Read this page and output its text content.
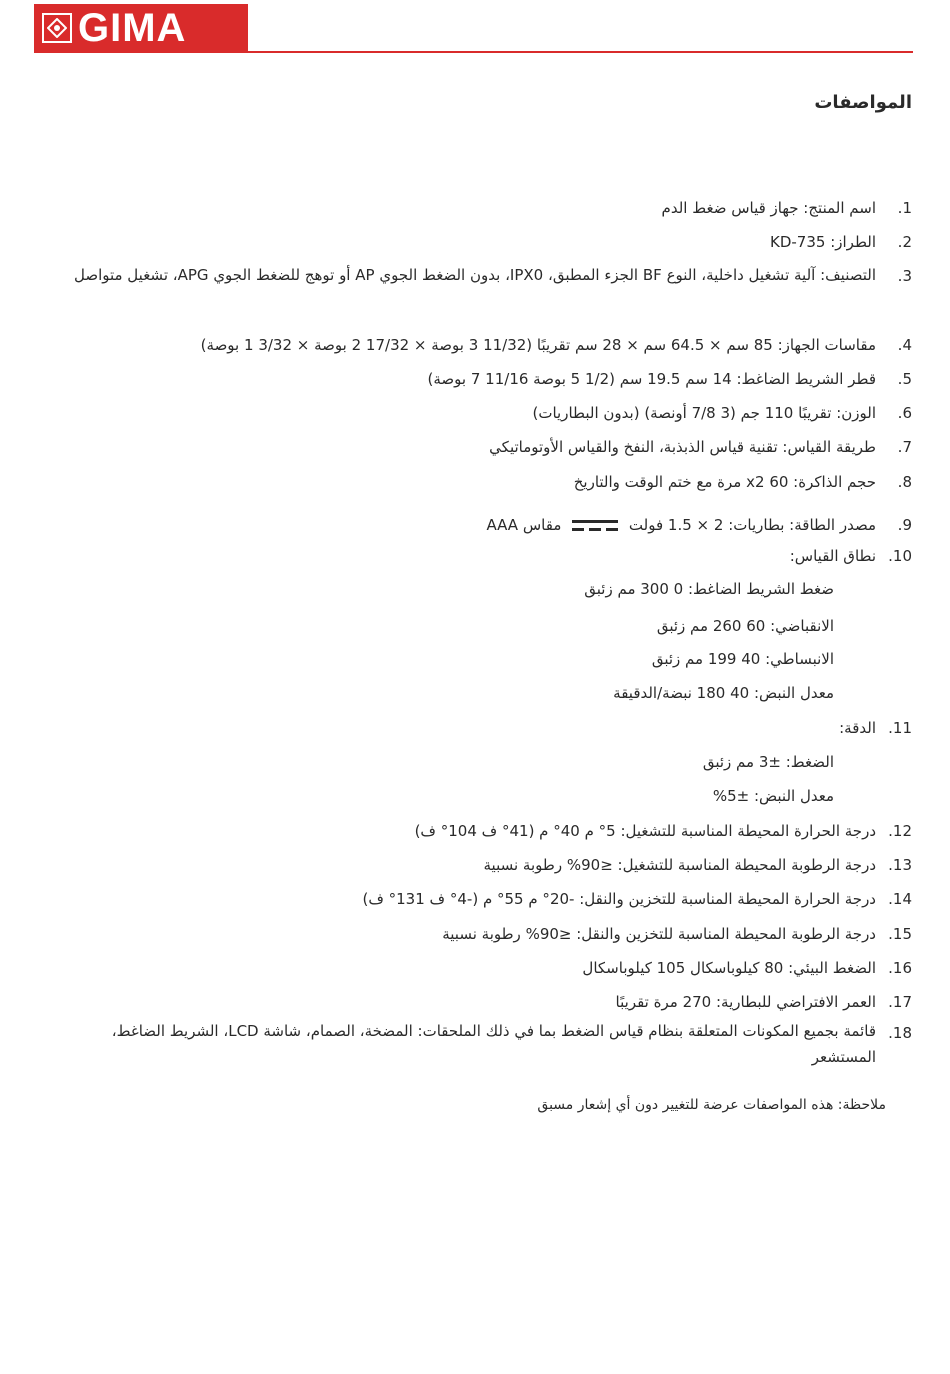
GIMA
المواصفات
1.
اسم المنتج: جهاز قياس ضغط الدم
2.
الطراز: KD-735
3.
التصنيف: آلية تشغيل داخلية، النوع BF الجزء المطبق، IPX0، بدون الضغط الجوي AP أو توهج للضغط الجوي APG، تشغيل متواصل
4.
مقاسات الجهاز: 85 سم × 64.5 سم × 28 سم تقريبًا (11/32 3 بوصة × 17/32 2 بوصة × 3/32 1 بوصة)
5.
قطر الشريط الضاغط: 14 سم 19.5 سم (1/2 5 بوصة 11/16 7 بوصة)
6.
الوزن: تقريبًا 110 جم (3 7/8 أونصة) (بدون البطاريات)
7.
طريقة القياس: تقنية قياس الذبذبة، النفخ والقياس الأوتوماتيكي
8.
حجم الذاكرة: 60 x2 مرة مع ختم الوقت والتاريخ
9.
مصدر الطاقة: بطاريات: 2 × 1.5 فولت  مقاس AAA
10.
نطاق القياس:
ضغط الشريط الضاغط: 0 300 مم زئبق
الانقباضي: 60 260 مم زئبق
الانبساطي: 40 199 مم زئبق
معدل النبض: 40 180 نبضة/الدقيقة
11.
الدقة:
الضغط: ±3 مم زئبق
معدل النبض: ±5%
12.
درجة الحرارة المحيطة المناسبة للتشغيل: 5° م 40° م (41° ف 104° ف)
13.
درجة الرطوبة المحيطة المناسبة للتشغيل: ≤90% رطوبة نسبية
14.
درجة الحرارة المحيطة المناسبة للتخزين والنقل: -20° م 55° م (-4° ف 131° ف)
15.
درجة الرطوبة المحيطة المناسبة للتخزين والنقل: ≤90% رطوبة نسبية
16.
الضغط البيئي: 80 كيلوباسكال 105 كيلوباسكال
17.
العمر الافتراضي للبطارية: 270 مرة تقريبًا
18.
قائمة بجميع المكونات المتعلقة بنظام قياس الضغط بما في ذلك الملحقات: المضخة، الصمام، شاشة LCD، الشريط الضاغط، المستشعر
ملاحظة: هذه المواصفات عرضة للتغيير دون أي إشعار مسبق
